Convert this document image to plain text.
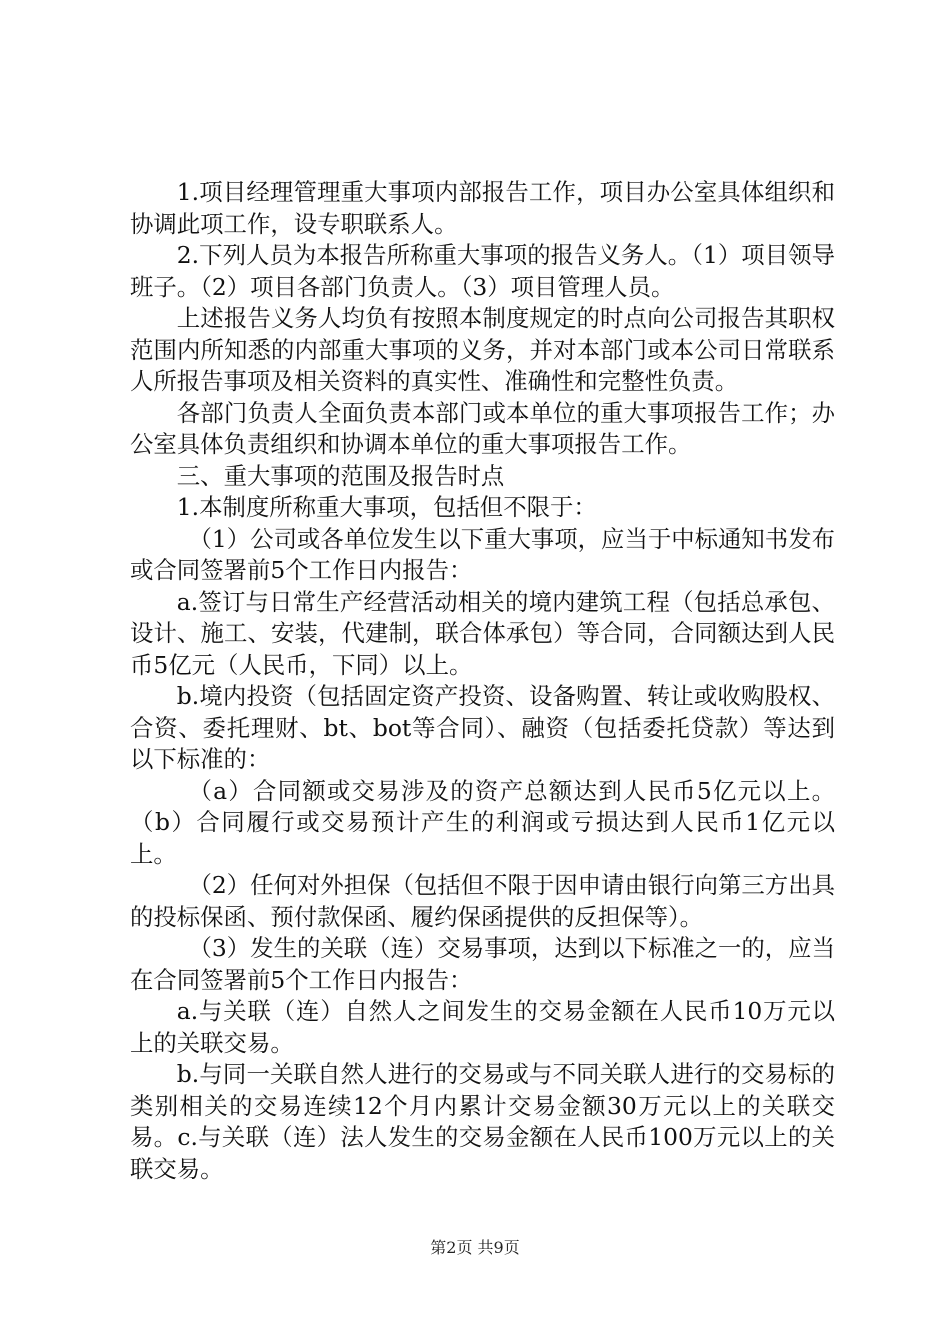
1.项目经理管理重大事项内部报告工作，项目办公室具体组织和协调此项工作，设专职联系人。

2.下列人员为本报告所称重大事项的报告义务人。（1）项目领导班子。（2）项目各部门负责人。（3）项目管理人员。

上述报告义务人均负有按照本制度规定的时点向公司报告其职权范围内所知悉的内部重大事项的义务，并对本部门或本公司日常联系人所报告事项及相关资料的真实性、准确性和完整性负责。

各部门负责人全面负责本部门或本单位的重大事项报告工作；办公室具体负责组织和协调本单位的重大事项报告工作。

三、重大事项的范围及报告时点

1.本制度所称重大事项，包括但不限于：

（1）公司或各单位发生以下重大事项，应当于中标通知书发布或合同签署前5个工作日内报告：

a.签订与日常生产经营活动相关的境内建筑工程（包括总承包、设计、施工、安装，代建制，联合体承包）等合同，合同额达到人民币5亿元（人民币，下同）以上。

b.境内投资（包括固定资产投资、设备购置、转让或收购股权、合资、委托理财、bt、bot等合同）、融资（包括委托贷款）等达到以下标准的：

（a）合同额或交易涉及的资产总额达到人民币5亿元以上。（b）合同履行或交易预计产生的利润或亏损达到人民币1亿元以上。

（2）任何对外担保（包括但不限于因申请由银行向第三方出具的投标保函、预付款保函、履约保函提供的反担保等）。

（3）发生的关联（连）交易事项，达到以下标准之一的，应当在合同签署前5个工作日内报告：

a.与关联（连）自然人之间发生的交易金额在人民币10万元以上的关联交易。

b.与同一关联自然人进行的交易或与不同关联人进行的交易标的类别相关的交易连续12个月内累计交易金额30万元以上的关联交易。c.与关联（连）法人发生的交易金额在人民币100万元以上的关联交易。

第2页 共9页
